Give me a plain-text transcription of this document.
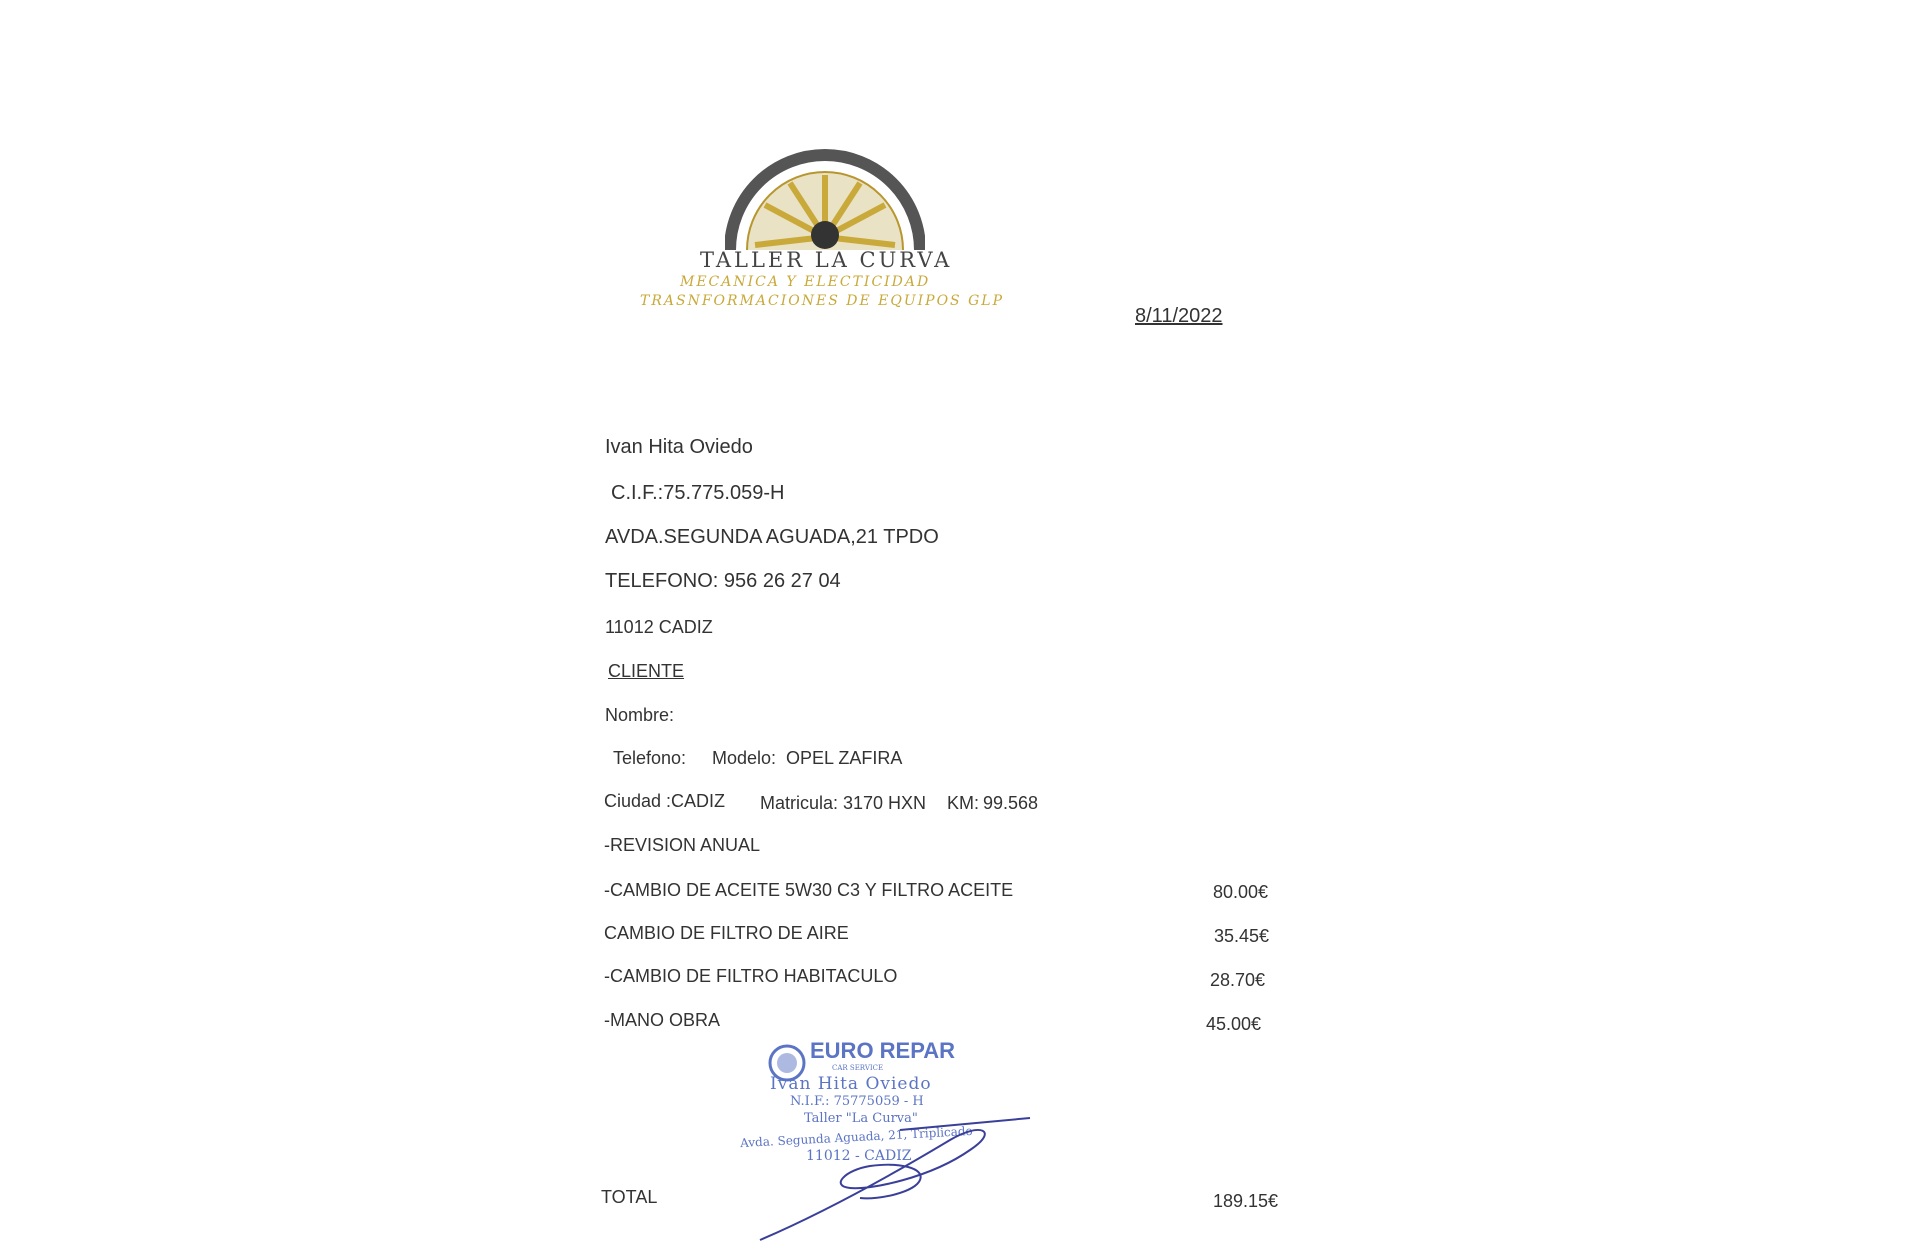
TALLER LA CURVA
MECANICA Y ELECTICIDAD
TRASNFORMACIONES DE EQUIPOS GLP
8/11/2022
Ivan Hita Oviedo
C.I.F.:75.775.059-H
AVDA.SEGUNDA AGUADA,21 TPDO
TELEFONO: 956 26 27 04
11012 CADIZ
CLIENTE
Nombre:
Telefono: Modelo: OPEL ZAFIRA
Ciudad :CADIZ Matricula: 3170 HXN KM: 99.568
-REVISION ANUAL
-CAMBIO DE ACEITE 5W30 C3 Y FILTRO ACEITE	80.00€
CAMBIO DE FILTRO DE AIRE	35.45€
-CAMBIO DE FILTRO HABITACULO	28.70€
-MANO OBRA	45.00€
EURO REPAR
CAR SERVICE
Ivan Hita Oviedo
N.I.F.: 75775059 - H
Taller "La Curva"
Avda. Segunda Aguada, 21, Triplicado
11012 - CADIZ
TOTAL	189.15€
